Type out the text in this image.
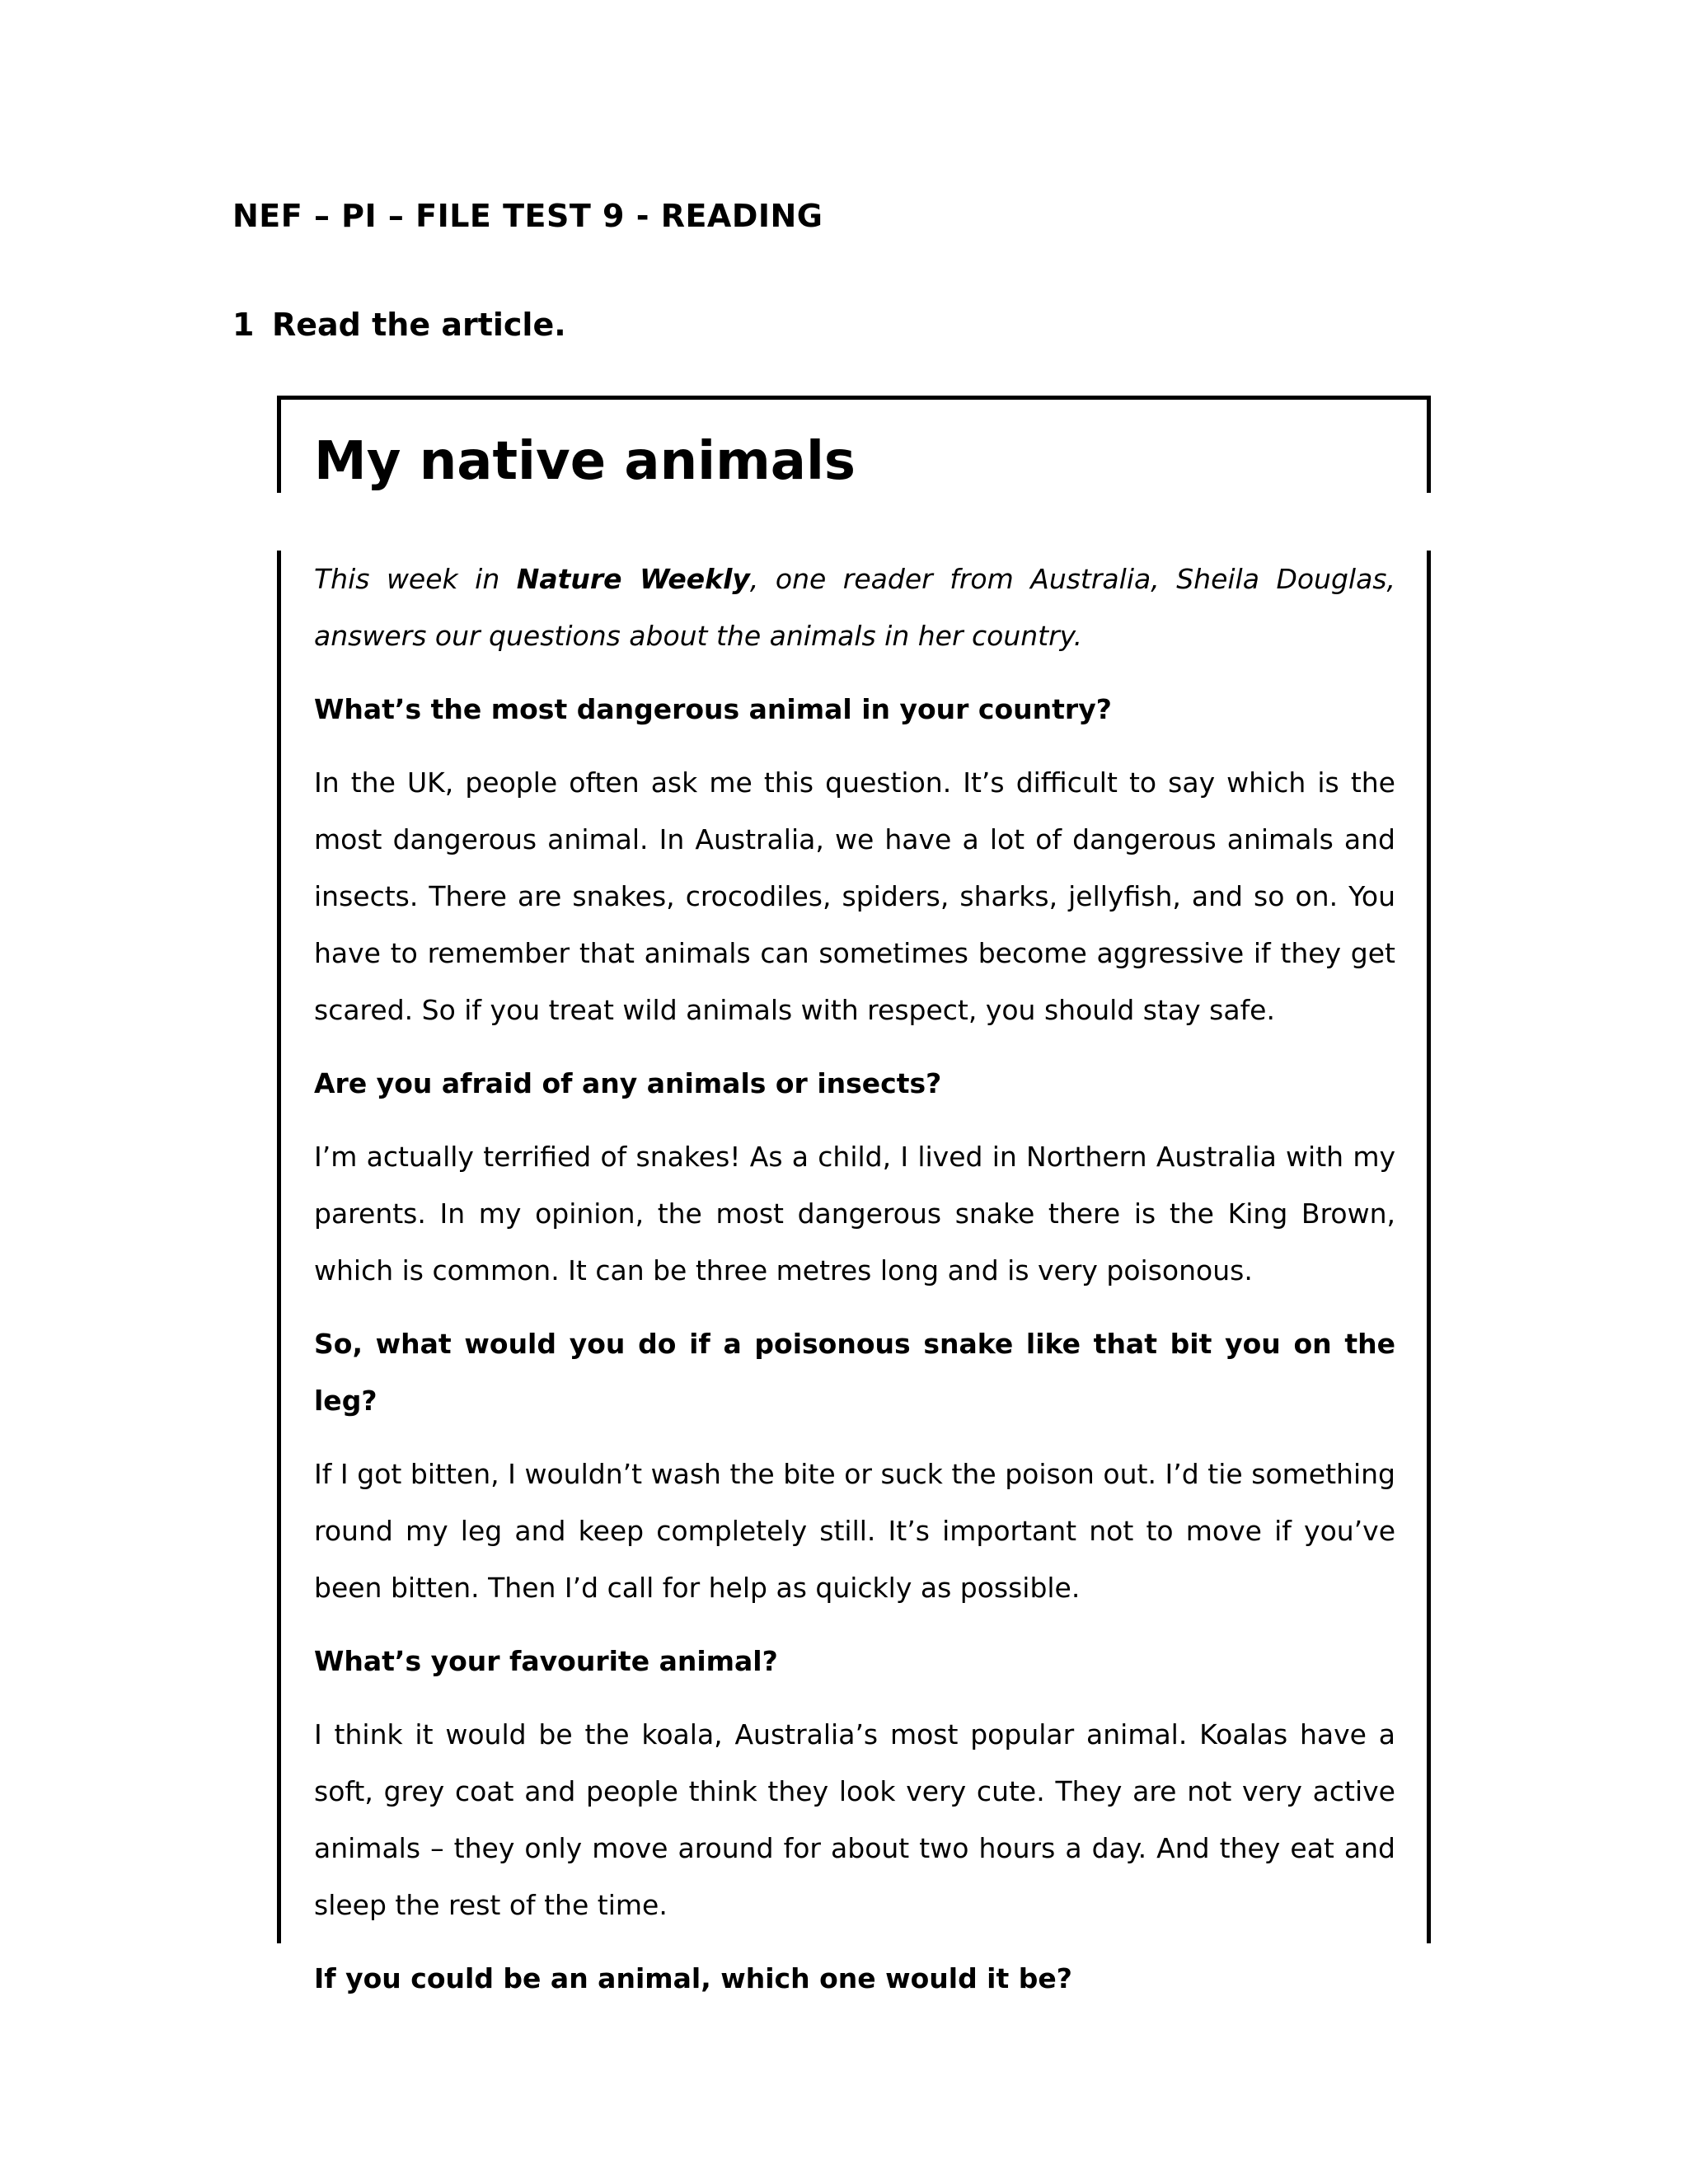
NEF – PI – FILE TEST 9 - READING
1 Read the article.
My native animals

This week in Nature Weekly, one reader from Australia, Sheila Douglas, answers our questions about the animals in her country.

What’s the most dangerous animal in your country?

In the UK, people often ask me this question. It’s difficult to say which is the most dangerous animal. In Australia, we have a lot of dangerous animals and insects. There are snakes, crocodiles, spiders, sharks, jellyfish, and so on. You have to remember that animals can sometimes become aggressive if they get scared. So if you treat wild animals with respect, you should stay safe.

Are you afraid of any animals or insects?

I’m actually terrified of snakes! As a child, I lived in Northern Australia with my parents. In my opinion, the most dangerous snake there is the King Brown, which is common. It can be three metres long and is very poisonous.

So, what would you do if a poisonous snake like that bit you on the leg?

If I got bitten, I wouldn’t wash the bite or suck the poison out. I’d tie something round my leg and keep completely still. It’s important not to move if you’ve been bitten. Then I’d call for help as quickly as possible.

What’s your favourite animal?

I think it would be the koala, Australia’s most popular animal. Koalas have a soft, grey coat and people think they look very cute. They are not very active animals – they only move around for about two hours a day. And they eat and sleep the rest of the time.

If you could be an animal, which one would it be?
